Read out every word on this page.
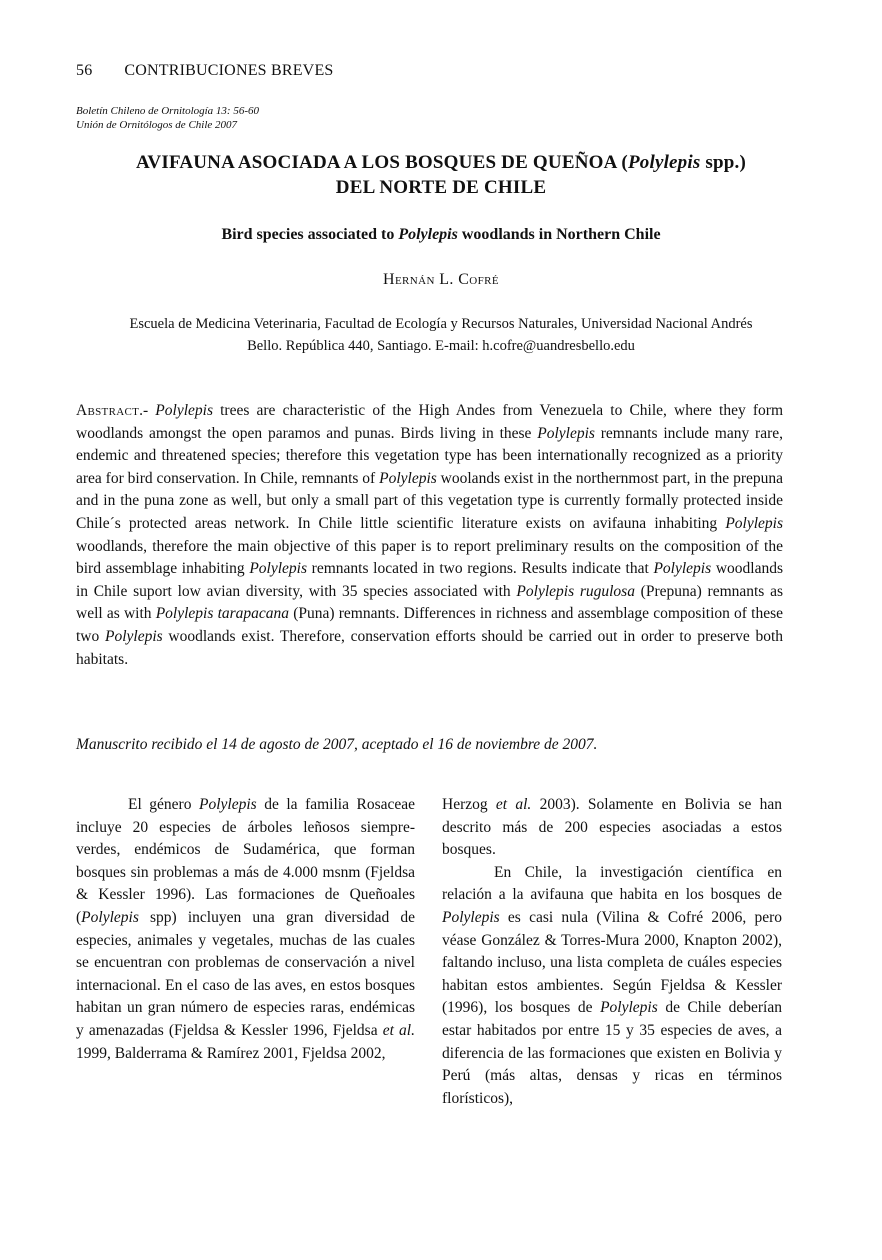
56 CONTRIBUCIONES BREVES
Boletín Chileno de Ornitología 13: 56-60
Unión de Ornitólogos de Chile 2007
AVIFAUNA ASOCIADA A LOS BOSQUES DE QUEÑOA (Polylepis spp.)
DEL NORTE DE CHILE
Bird species associated to Polylepis woodlands in Northern Chile
Hernán L. Cofré
Escuela de Medicina Veterinaria, Facultad de Ecología y Recursos Naturales, Universidad Nacional Andrés
Bello. República 440, Santiago. E-mail: h.cofre@uandresbello.edu
Abstract.- Polylepis trees are characteristic of the High Andes from Venezuela to Chile, where they form woodlands amongst the open paramos and punas. Birds living in these Polylepis remnants include many rare, endemic and threatened species; therefore this vegetation type has been internationally recognized as a priority area for bird conservation. In Chile, remnants of Polylepis woolands exist in the northernmost part, in the prepuna and in the puna zone as well, but only a small part of this vegetation type is currently formally protected inside Chile´s protected areas network. In Chile little scientific literature exists on avifauna inhabiting Polylepis woodlands, therefore the main objective of this paper is to report preliminary results on the composition of the bird assemblage inhabiting Polylepis remnants located in two regions. Results indicate that Polylepis woodlands in Chile suport low avian diversity, with 35 species associated with Polylepis rugulosa (Prepuna) remnants as well as with Polylepis tarapacana (Puna) remnants. Differences in richness and assemblage composition of these two Polylepis woodlands exist. Therefore, conservation efforts should be carried out in order to preserve both habitats.
Manuscrito recibido el 14 de agosto de 2007, aceptado el 16 de noviembre de 2007.

El género Polylepis de la familia Rosaceae incluye 20 especies de árboles leñosos siempre-verdes, endémicos de Sudamérica, que forman bosques sin problemas a más de 4.000 msnm (Fjeldsa & Kessler 1996). Las formaciones de Queñoales (Polylepis spp) incluyen una gran diversidad de especies, animales y vegetales, muchas de las cuales se encuentran con problemas de conservación a nivel internacional. En el caso de las aves, en estos bosques habitan un gran número de especies raras, endémicas y amenazadas (Fjeldsa & Kessler 1996, Fjeldsa et al. 1999, Balderrama & Ramírez 2001, Fjeldsa 2002,

Herzog et al. 2003). Solamente en Bolivia se han descrito más de 200 especies asociadas a estos bosques.

En Chile, la investigación científica en relación a la avifauna que habita en los bosques de Polylepis es casi nula (Vilina & Cofré 2006, pero véase González & Torres-Mura 2000, Knapton 2002), faltando incluso, una lista completa de cuáles especies habitan estos ambientes. Según Fjeldsa & Kessler (1996), los bosques de Polylepis de Chile deberían estar habitados por entre 15 y 35 especies de aves, a diferencia de las formaciones que existen en Bolivia y Perú (más altas, densas y ricas en términos florísticos),
